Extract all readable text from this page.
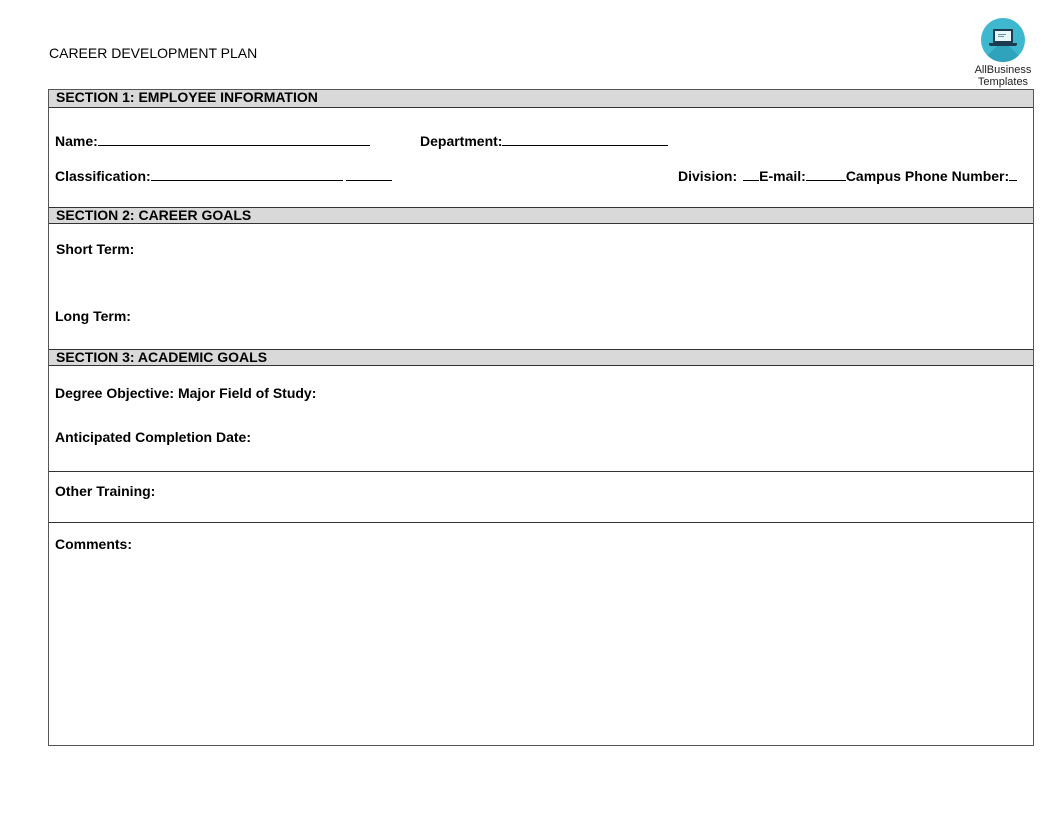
CAREER DEVELOPMENT PLAN
AllBusiness
Templates
SECTION 1: EMPLOYEE INFORMATION
Name:	Department:
Classification:	Division: E-mail:	Campus Phone Number:
SECTION 2: CAREER GOALS
Short Term:
Long Term:
SECTION 3: ACADEMIC GOALS
Degree Objective: Major Field of Study:
Anticipated Completion Date:
Other Training:
Comments:
